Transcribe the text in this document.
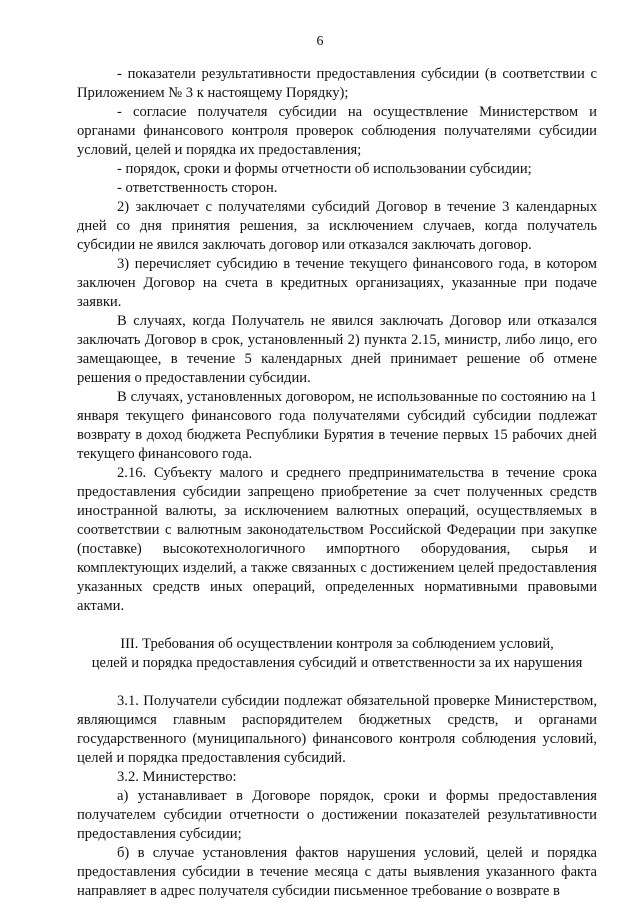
6

- показатели результативности предоставления субсидии (в соответствии с Приложением № 3 к настоящему Порядку);

- согласие получателя субсидии на осуществление Министерством и органами финансового контроля проверок соблюдения получателями субсидии условий, целей и порядка их предоставления;

- порядок, сроки и формы отчетности об использовании субсидии;

- ответственность сторон.

2) заключает с получателями субсидий Договор в течение 3 календарных дней со дня принятия решения, за исключением случаев, когда получатель субсидии не явился заключать договор или отказался заключать договор.

3) перечисляет субсидию в течение текущего финансового года, в котором заключен Договор на счета в кредитных организациях, указанные при подаче заявки.

В случаях, когда Получатель не явился заключать Договор или отказался заключать Договор в срок, установленный 2) пункта 2.15, министр, либо лицо, его замещающее, в течение 5 календарных дней принимает решение об отмене решения о предоставлении субсидии.

В случаях, установленных договором, не использованные по состоянию на 1 января текущего финансового года получателями субсидий субсидии подлежат возврату в доход бюджета Республики Бурятия в течение первых 15 рабочих дней текущего финансового года.

2.16. Субъекту малого и среднего предпринимательства в течение срока предоставления субсидии запрещено приобретение за счет полученных средств иностранной валюты, за исключением валютных операций, осуществляемых в соответствии с валютным законодательством Российской Федерации при закупке (поставке) высокотехнологичного импортного оборудования, сырья и комплектующих изделий, а также связанных с достижением целей предоставления указанных средств иных операций, определенных нормативными правовыми актами.

III. Требования об осуществлении контроля за соблюдением условий,

целей и порядка предоставления субсидий и ответственности за их нарушения

3.1. Получатели субсидии подлежат обязательной проверке Министерством, являющимся главным распорядителем бюджетных средств, и органами государственного (муниципального) финансового контроля соблюдения условий, целей и порядка предоставления субсидий.

3.2. Министерство:

а) устанавливает в Договоре порядок, сроки и формы предоставления получателем субсидии отчетности о достижении показателей результативности предоставления субсидии;

б) в случае установления фактов нарушения условий, целей и порядка предоставления субсидии в течение месяца с даты выявления указанного факта направляет в адрес получателя субсидии письменное требование о возврате в
